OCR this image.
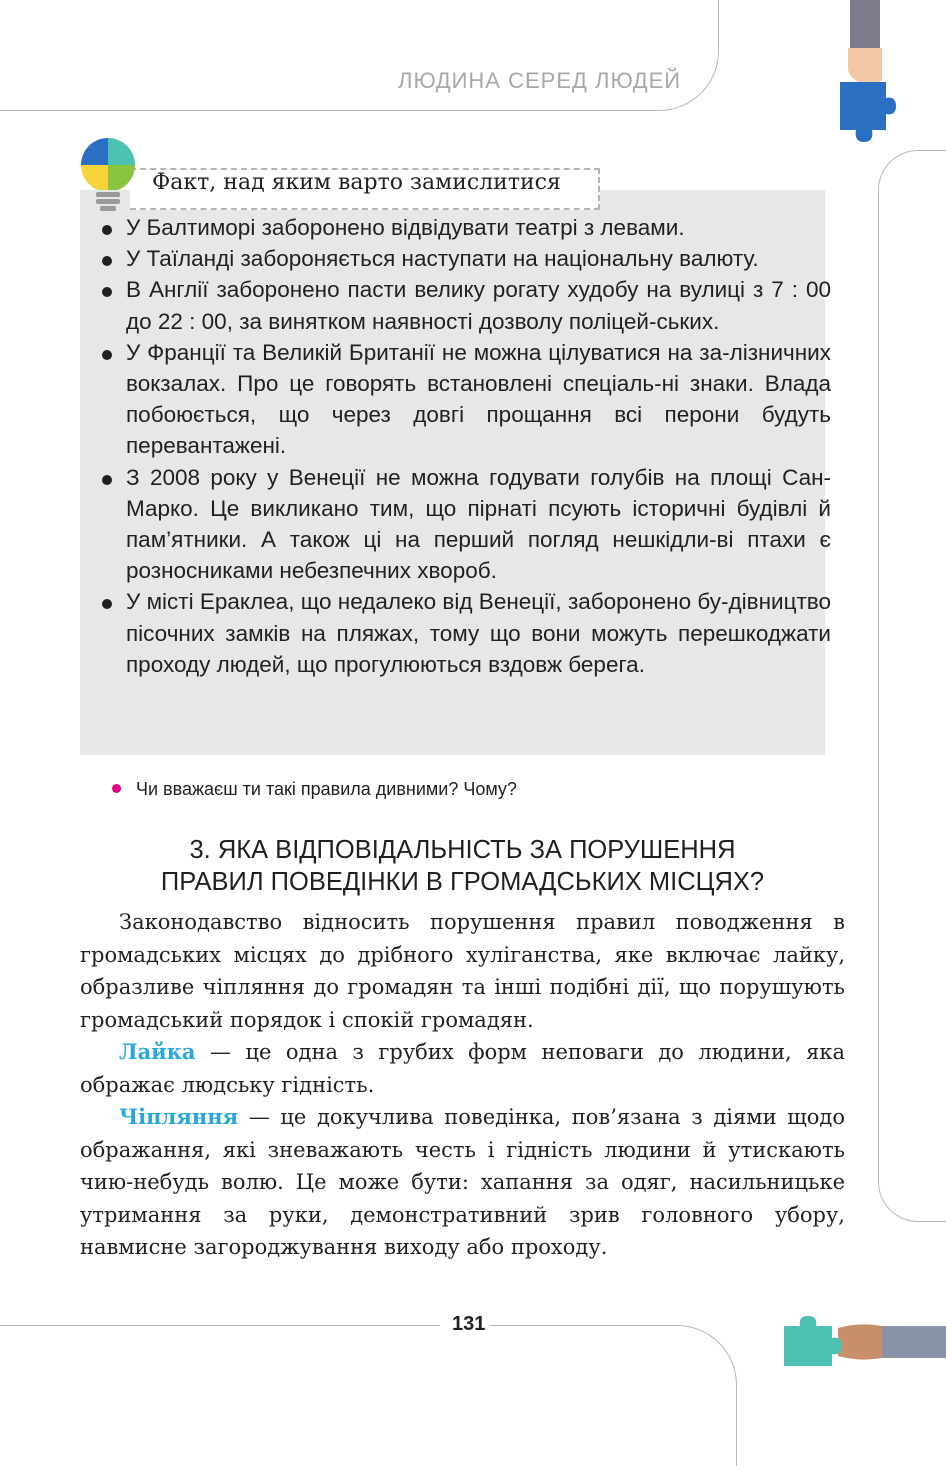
ЛЮДИНА СЕРЕД ЛЮДЕЙ
Факт, над яким варто замислитися
У Балтиморі заборонено відвідувати театрі з левами.
У Таїланді забороняється наступати на національну валюту.
В Англії заборонено пасти велику рогату худобу на вулиці з 7 : 00 до 22 : 00, за винятком наявності дозволу поліцей-ських.
У Франції та Великій Британії не можна цілуватися на за-лізничних вокзалах. Про це говорять встановлені спеціаль-ні знаки. Влада побоюється, що через довгі прощання всі перони будуть перевантажені.
З 2008 року у Венеції не можна годувати голубів на площі Сан-Марко. Це викликано тим, що пірнаті псують історичні будівлі й пам’ятники. А також ці на перший погляд нешкідли-ві птахи є розносниками небезпечних хвороб.
У місті Ераклеа, що недалеко від Венеції, заборонено бу-дівництво пісочних замків на пляжах, тому що вони можуть перешкоджати проходу людей, що прогулюються вздовж берега.
Чи вважаєш ти такі правила дивними? Чому?
3. ЯКА ВІДПОВІДАЛЬНІСТЬ ЗА ПОРУШЕННЯ
ПРАВИЛ ПОВЕДІНКИ В ГРОМАДСЬКИХ МІСЦЯХ?

Законодавство відносить порушення правил поводження в громадських місцях до дрібного хуліганства, яке включає лайку, образливе чіпляння до громадян та інші подібні дії, що порушують громадський порядок і спокій громадян.

Лайка — це одна з грубих форм неповаги до людини, яка ображає людську гідність.

Чіпляння — це докучлива поведінка, пов’язана з діями щодо ображання, які зневажають честь і гідність людини й утискають чию-небудь волю. Це може бути: хапання за одяг, насильницьке утримання за руки, демонстративний зрив головного убору, навмисне загороджування виходу або проходу.

131
